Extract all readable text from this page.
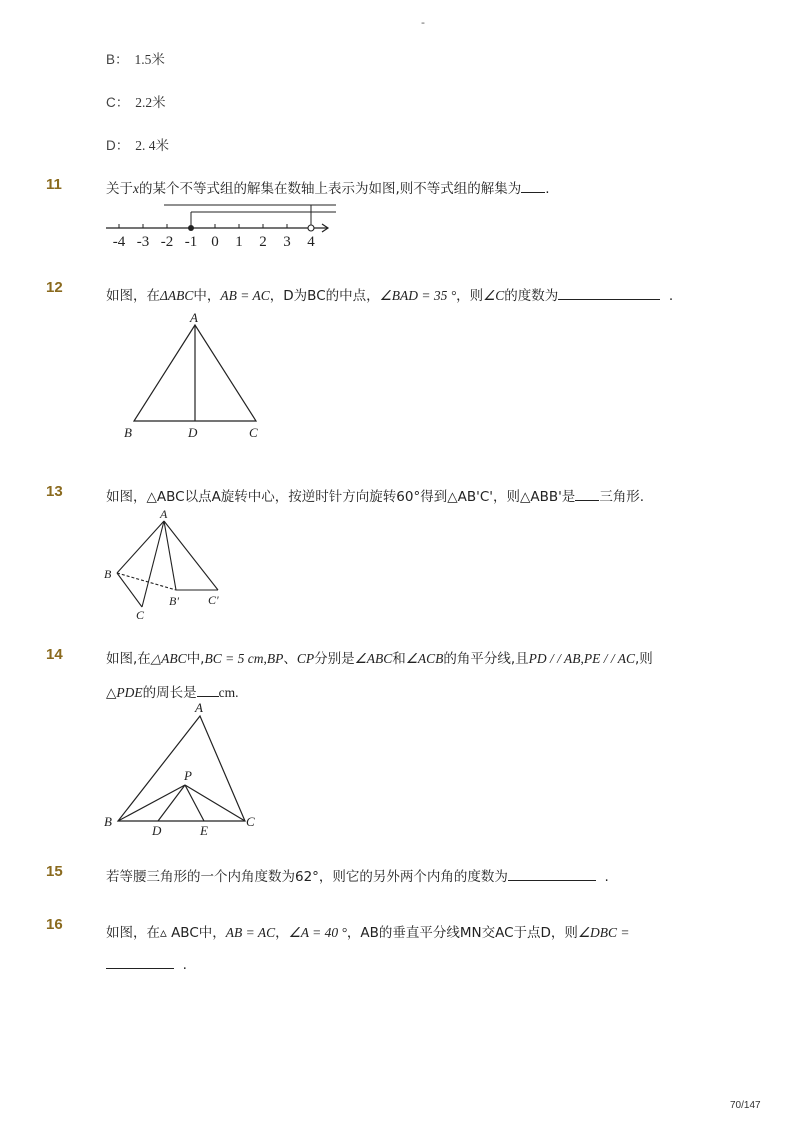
-
B： 1.5米
C： 2.2米
D： 2. 4米
11	关于x的某个不等式组的解集在数轴上表示为如图,则不等式组的解集为 .
-4 -3 -2 -1 0 1 2 3 4
12	如图，在ΔABC中，AB = AC，D为BC的中点，∠BAD = 35 °，则∠C的度数为	.
A
B	D	C
13	如图，△ABC以点A旋转中心，按逆时针方向旋转60°得到△AB'C'，则△ABB'是 三角形.
A
B
C
B' C'
14	如图,在△ABC中,BC = 5 cm,BP、CP分别是∠ABC和∠ACB的角平分线,且PD / / AB,PE / / AC,则
△PDE的周长是 cm.
A
B	C
P
D	E
15	若等腰三角形的一个内角度数为62°，则它的另外两个内角的度数为	.
16	如图，在▵ ABC中，AB = AC，∠A = 40 °，AB的垂直平分线MN交AC于点D，则∠DBC =
.
70/147
